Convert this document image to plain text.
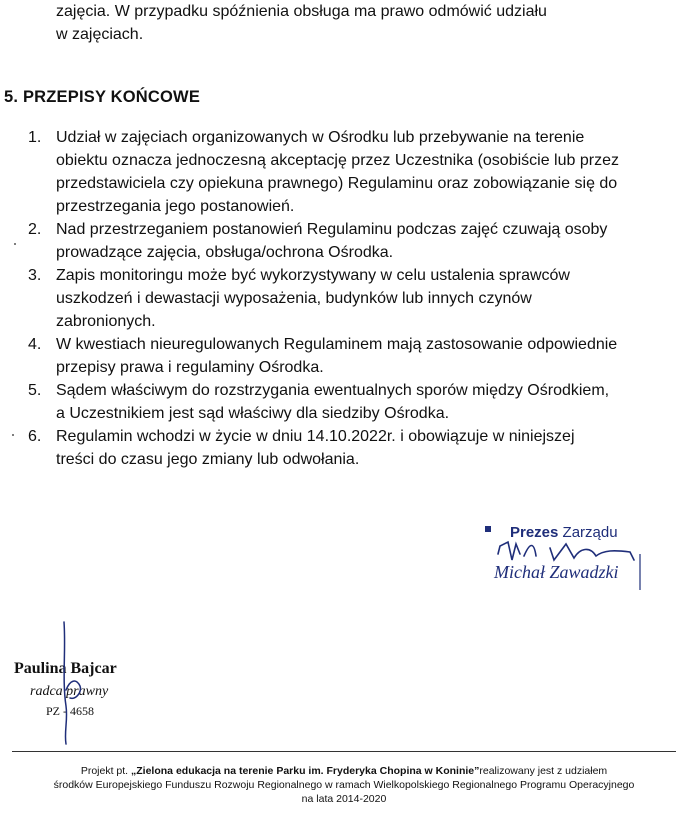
zajęcia. W przypadku spóźnienia obsługa ma prawo odmówić udziału
w zajęciach.
5. PRZEPISY KOŃCOWE
1. Udział w zajęciach organizowanych w Ośrodku lub przebywanie na terenie
obiektu oznacza jednoczesną akceptację przez Uczestnika (osobiście lub przez
przedstawiciela czy opiekuna prawnego) Regulaminu oraz zobowiązanie się do
przestrzegania jego postanowień.
2. Nad przestrzeganiem postanowień Regulaminu podczas zajęć czuwają osoby
prowadzące zajęcia, obsługa/ochrona Ośrodka.
3. Zapis monitoringu może być wykorzystywany w celu ustalenia sprawców
uszkodzeń i dewastacji wyposażenia, budynków lub innych czynów
zabronionych.
4. W kwestiach nieuregulowanych Regulaminem mają zastosowanie odpowiednie
przepisy prawa i regulaminy Ośrodka.
5. Sądem właściwym do rozstrzygania ewentualnych sporów między Ośrodkiem,
a Uczestnikiem jest sąd właściwy dla siedziby Ośrodka.
6. Regulamin wchodzi w życie w dniu 14.10.2022r. i obowiązuje w niniejszej
treści do czasu jego zmiany lub odwołania.
Prezes Zarządu
Michał Zawadzki
Paulina Bajcar
radca prawny
PZ - 4658
Projekt pt. „Zielona edukacja na terenie Parku im. Fryderyka Chopina w Koninie”realizowany jest z udziałem
środków Europejskiego Funduszu Rozwoju Regionalnego w ramach Wielkopolskiego Regionalnego Programu Operacyjnego
na lata 2014-2020
